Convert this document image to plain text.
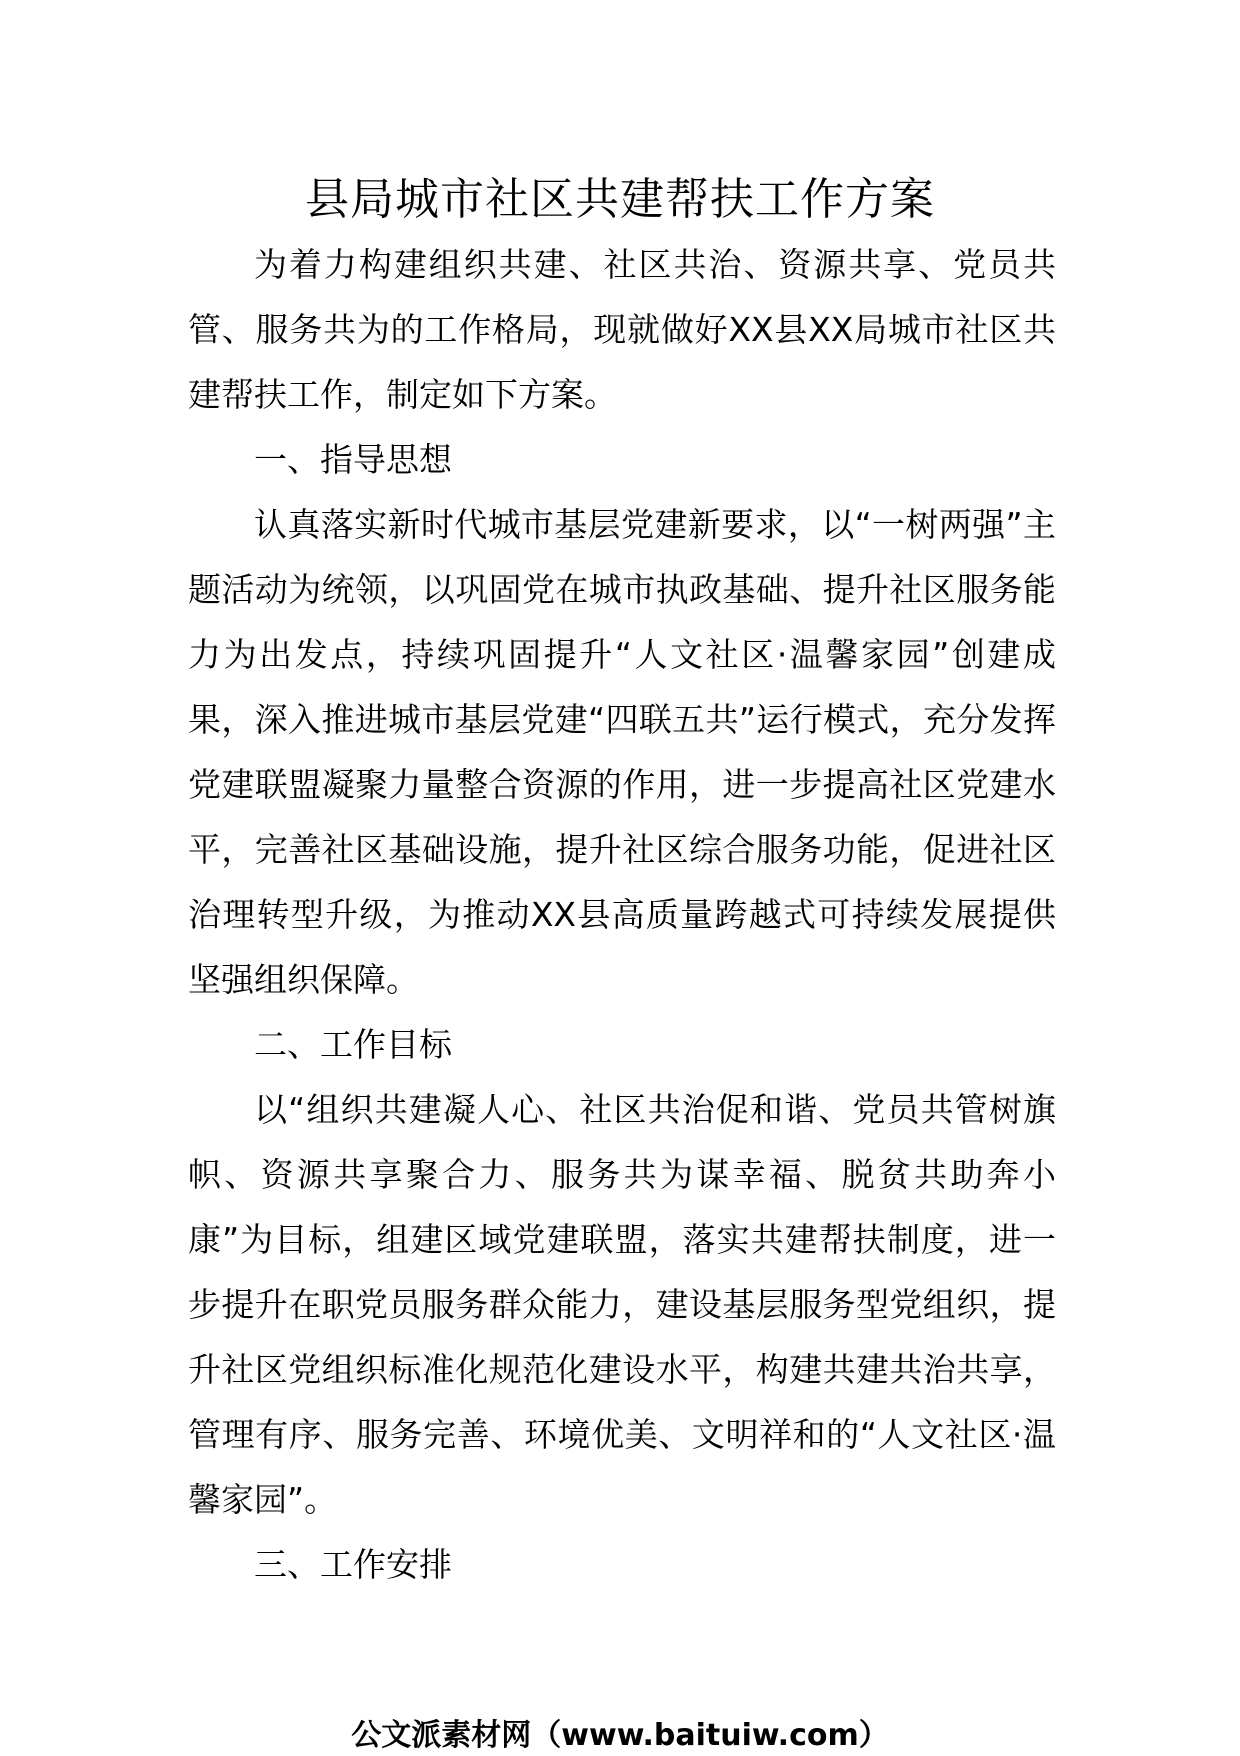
县局城市社区共建帮扶工作方案

为着力构建组织共建、社区共治、资源共享、党员共管、服务共为的工作格局，现就做好XX县XX局城市社区共建帮扶工作，制定如下方案。

一、指导思想

认真落实新时代城市基层党建新要求，以“一树两强”主题活动为统领，以巩固党在城市执政基础、提升社区服务能力为出发点，持续巩固提升“人文社区·温馨家园”创建成果，深入推进城市基层党建“四联五共”运行模式，充分发挥党建联盟凝聚力量整合资源的作用，进一步提高社区党建水平，完善社区基础设施，提升社区综合服务功能，促进社区治理转型升级，为推动XX县高质量跨越式可持续发展提供坚强组织保障。

二、工作目标

以“组织共建凝人心、社区共治促和谐、党员共管树旗帜、资源共享聚合力、服务共为谋幸福、脱贫共助奔小康”为目标，组建区域党建联盟，落实共建帮扶制度，进一步提升在职党员服务群众能力，建设基层服务型党组织，提升社区党组织标准化规范化建设水平，构建共建共治共享，管理有序、服务完善、环境优美、文明祥和的“人文社区·温馨家园”。

三、工作安排

公文派素材网（www.baituiw.com）
